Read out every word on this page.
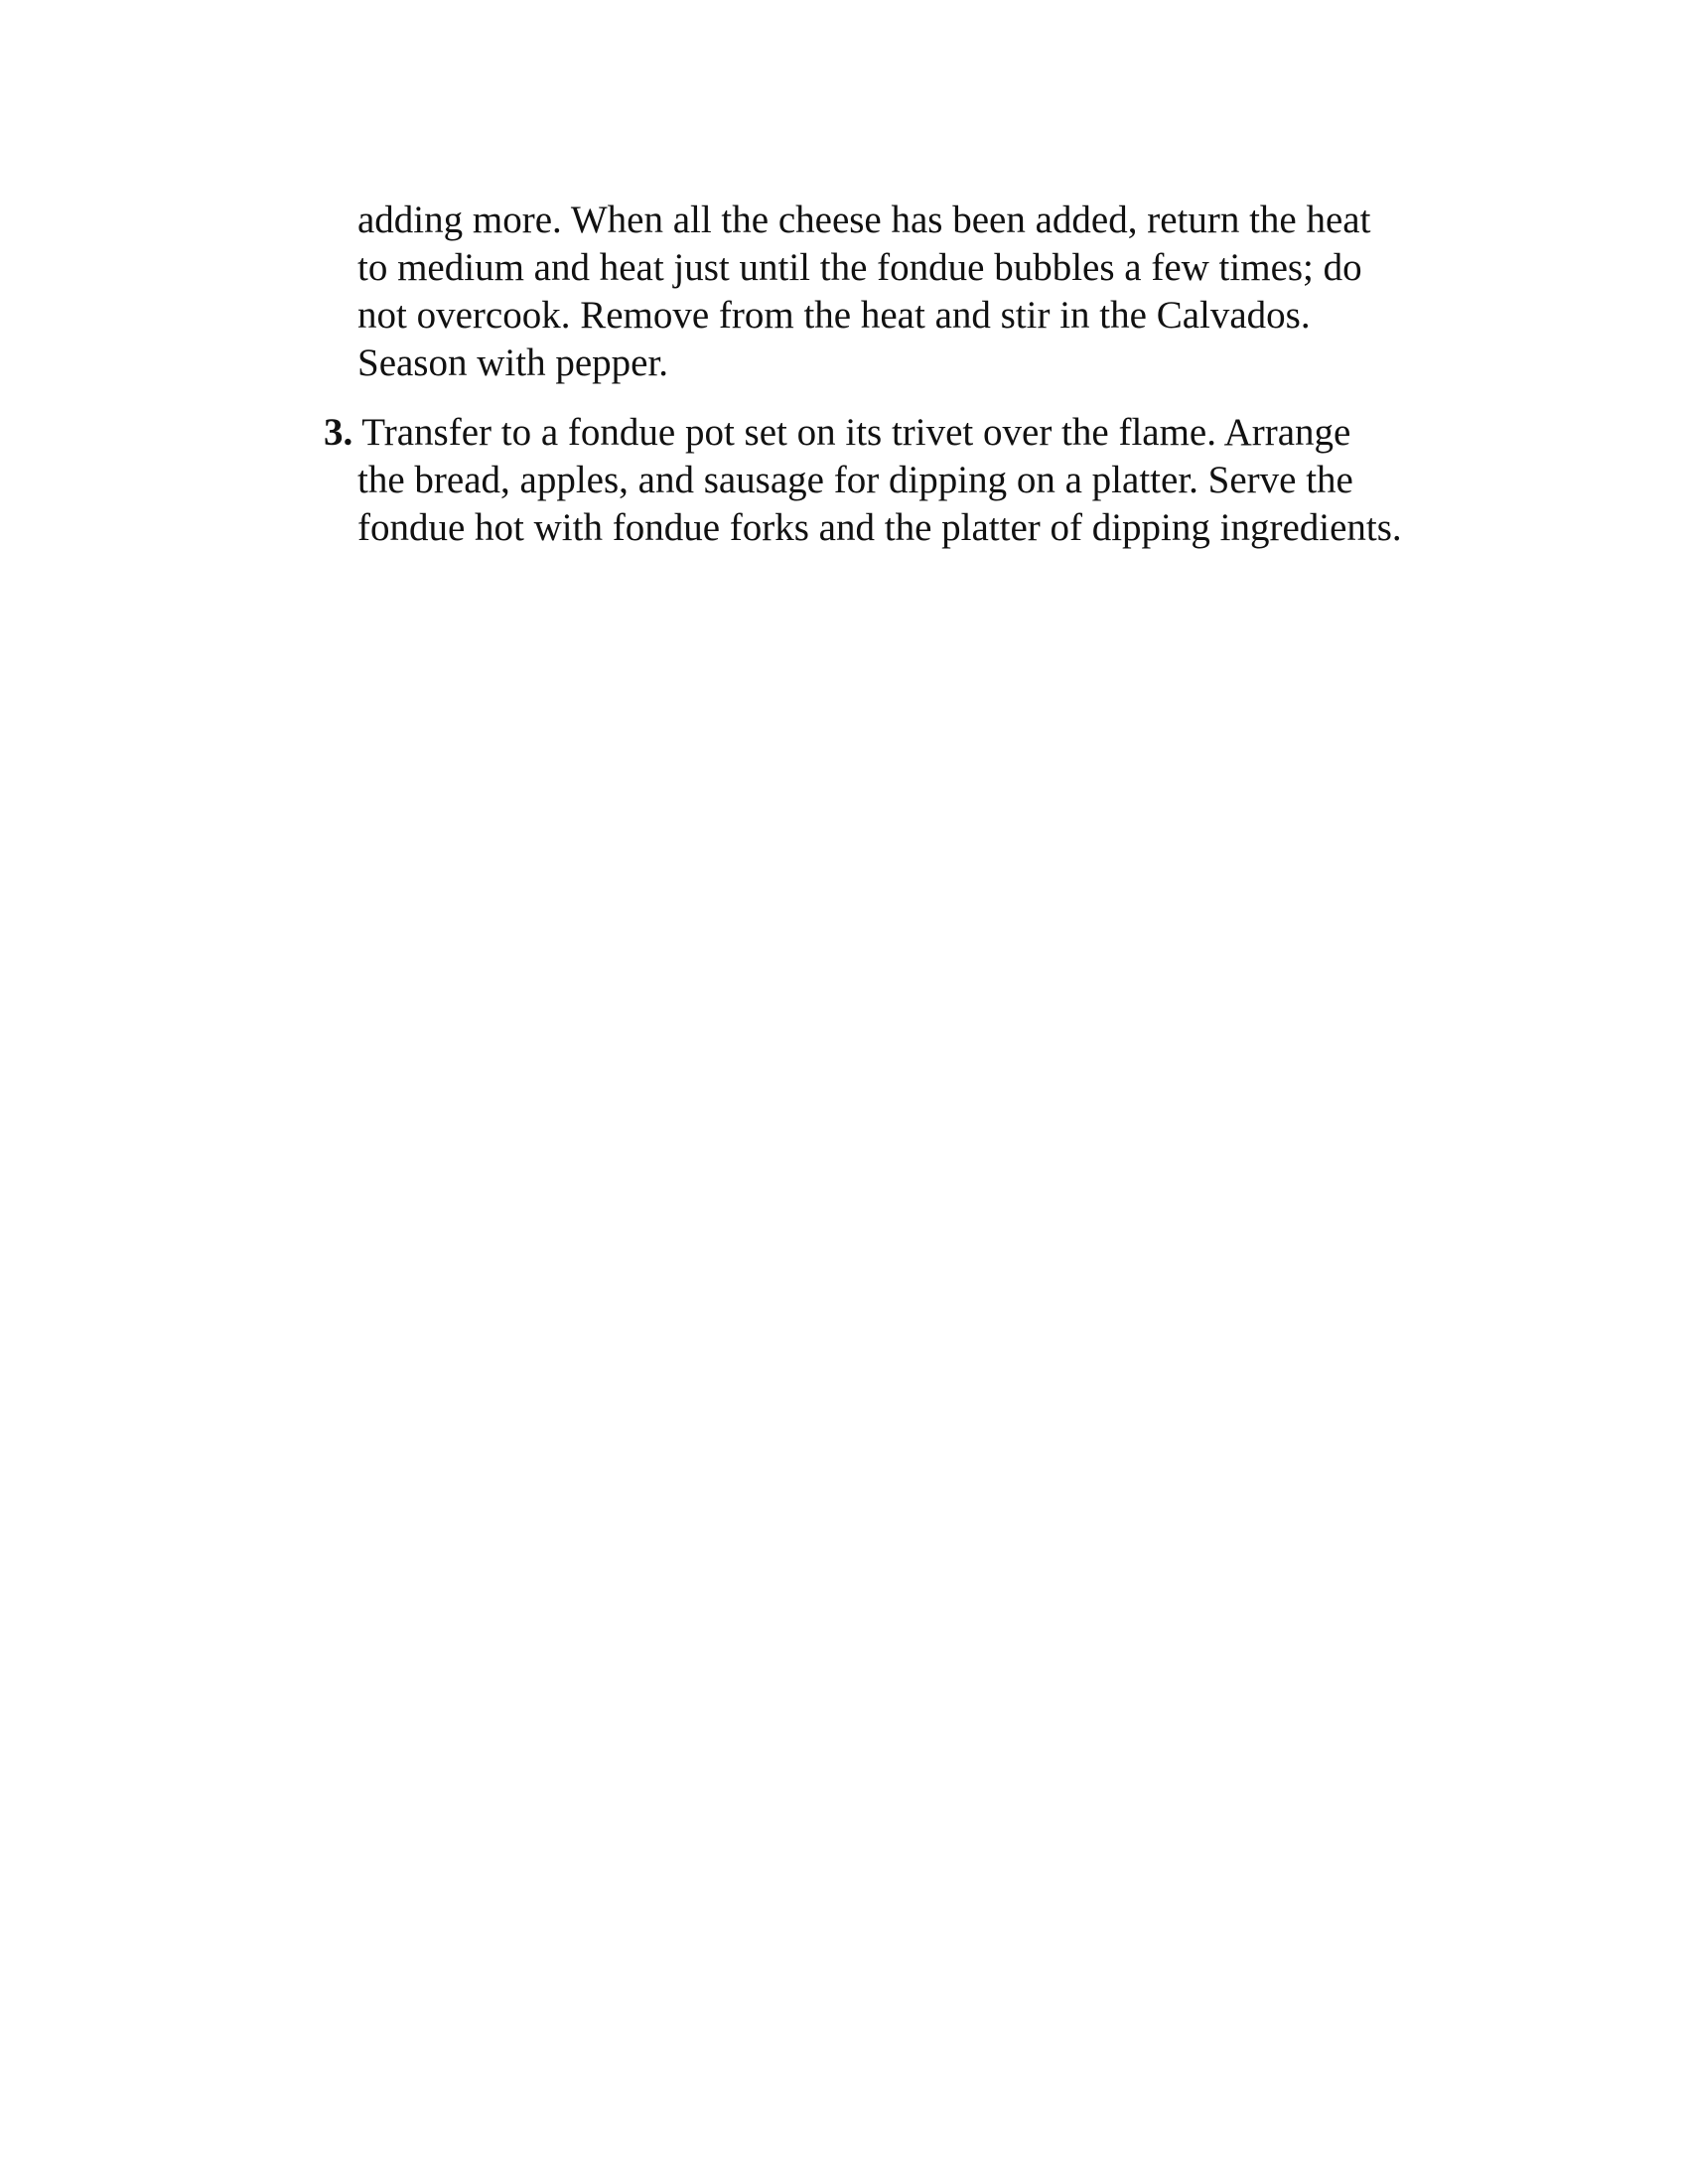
adding more. When all the cheese has been added, return the heat
to medium and heat just until the fondue bubbles a few times; do
not overcook. Remove from the heat and stir in the Calvados.
Season with pepper.
3. Transfer to a fondue pot set on its trivet over the flame. Arrange
the bread, apples, and sausage for dipping on a platter. Serve the
fondue hot with fondue forks and the platter of dipping ingredients.
